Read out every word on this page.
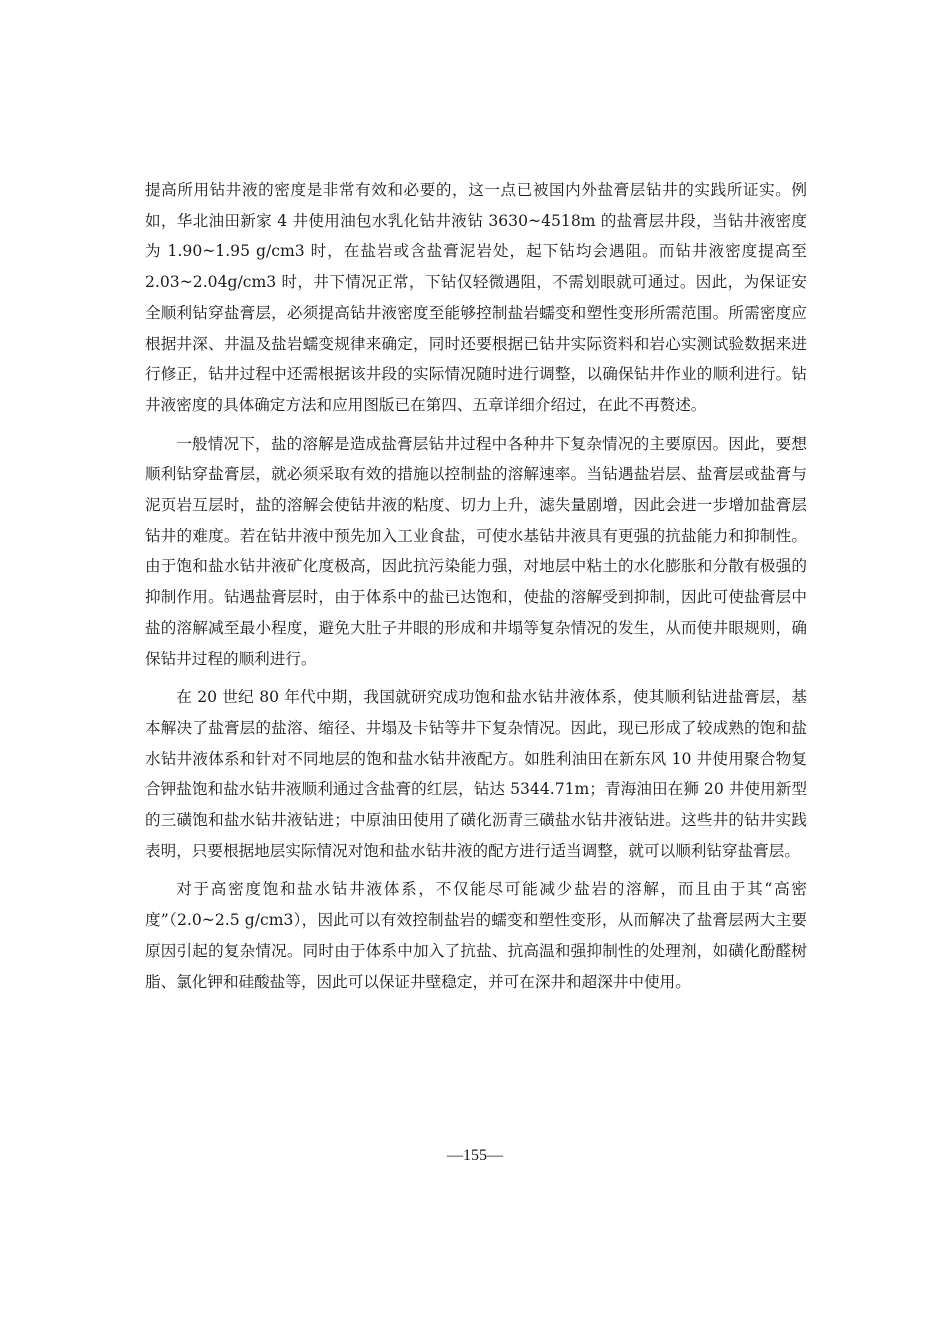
提高所用钻井液的密度是非常有效和必要的，这一点已被国内外盐膏层钻井的实践所证实。例如，华北油田新家 4 井使用油包水乳化钻井液钻 3630~4518m 的盐膏层井段，当钻井液密度为 1.90~1.95 g/cm3 时，在盐岩或含盐膏泥岩处，起下钻均会遇阻。而钻井液密度提高至 2.03~2.04g/cm3 时，井下情况正常，下钻仅轻微遇阻，不需划眼就可通过。因此，为保证安全顺利钻穿盐膏层，必须提高钻井液密度至能够控制盐岩蠕变和塑性变形所需范围。所需密度应根据井深、井温及盐岩蠕变规律来确定，同时还要根据已钻井实际资料和岩心实测试验数据来进行修正，钻井过程中还需根据该井段的实际情况随时进行调整，以确保钻井作业的顺利进行。钻井液密度的具体确定方法和应用图版已在第四、五章详细介绍过，在此不再赘述。

一般情况下，盐的溶解是造成盐膏层钻井过程中各种井下复杂情况的主要原因。因此，要想顺利钻穿盐膏层，就必须采取有效的措施以控制盐的溶解速率。当钻遇盐岩层、盐膏层或盐膏与泥页岩互层时，盐的溶解会使钻井液的粘度、切力上升，滤失量剧增，因此会进一步增加盐膏层钻井的难度。若在钻井液中预先加入工业食盐，可使水基钻井液具有更强的抗盐能力和抑制性。由于饱和盐水钻井液矿化度极高，因此抗污染能力强，对地层中粘土的水化膨胀和分散有极强的抑制作用。钻遇盐膏层时，由于体系中的盐已达饱和，使盐的溶解受到抑制，因此可使盐膏层中盐的溶解减至最小程度，避免大肚子井眼的形成和井塌等复杂情况的发生，从而使井眼规则，确保钻井过程的顺利进行。

在 20 世纪 80 年代中期，我国就研究成功饱和盐水钻井液体系，使其顺利钻进盐膏层，基本解决了盐膏层的盐溶、缩径、井塌及卡钻等井下复杂情况。因此，现已形成了较成熟的饱和盐水钻井液体系和针对不同地层的饱和盐水钻井液配方。如胜利油田在新东风 10 井使用聚合物复合钾盐饱和盐水钻井液顺利通过含盐膏的红层，钻达 5344.71m；青海油田在狮 20 井使用新型的三磺饱和盐水钻井液钻进；中原油田使用了磺化沥青三磺盐水钻井液钻进。这些井的钻井实践表明，只要根据地层实际情况对饱和盐水钻井液的配方进行适当调整，就可以顺利钻穿盐膏层。

对于高密度饱和盐水钻井液体系，不仅能尽可能减少盐岩的溶解，而且由于其“高密度”（2.0~2.5 g/cm3），因此可以有效控制盐岩的蠕变和塑性变形，从而解决了盐膏层两大主要原因引起的复杂情况。同时由于体系中加入了抗盐、抗高温和强抑制性的处理剂，如磺化酚醛树脂、氯化钾和硅酸盐等，因此可以保证井壁稳定，并可在深井和超深井中使用。

—155—
